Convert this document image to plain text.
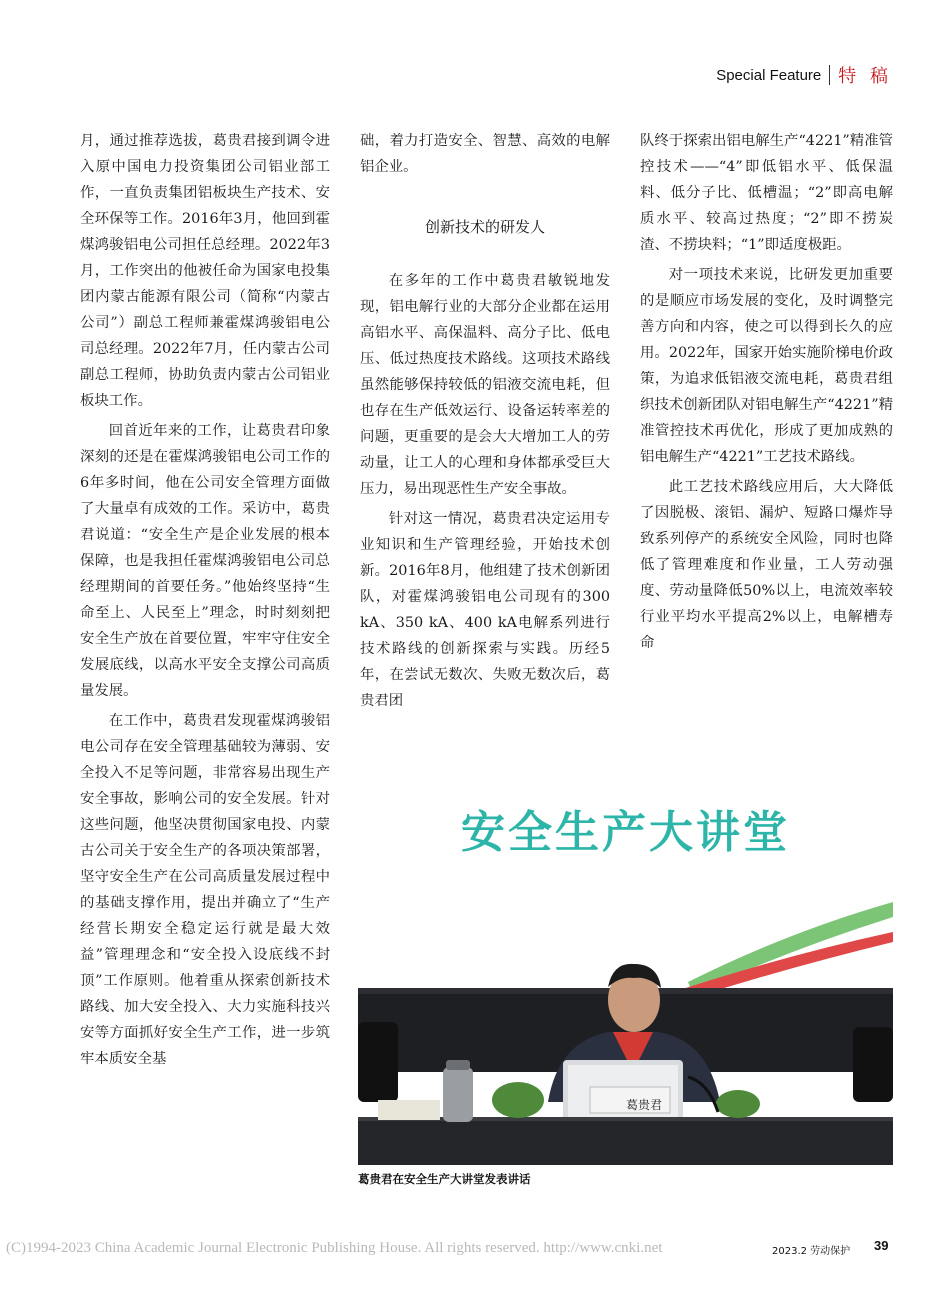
Special Feature 特 稿

月，通过推荐选拔，葛贵君接到调令进入原中国电力投资集团公司铝业部工作，一直负责集团铝板块生产技术、安全环保等工作。2016年3月，他回到霍煤鸿骏铝电公司担任总经理。2022年3月，工作突出的他被任命为国家电投集团内蒙古能源有限公司（简称“内蒙古公司”）副总工程师兼霍煤鸿骏铝电公司总经理。2022年7月，任内蒙古公司副总工程师，协助负责内蒙古公司铝业板块工作。

回首近年来的工作，让葛贵君印象深刻的还是在霍煤鸿骏铝电公司工作的6年多时间，他在公司安全管理方面做了大量卓有成效的工作。采访中，葛贵君说道：“安全生产是企业发展的根本保障，也是我担任霍煤鸿骏铝电公司总经理期间的首要任务。”他始终坚持“生命至上、人民至上”理念，时时刻刻把安全生产放在首要位置，牢牢守住安全发展底线，以高水平安全支撑公司高质量发展。

在工作中，葛贵君发现霍煤鸿骏铝电公司存在安全管理基础较为薄弱、安全投入不足等问题，非常容易出现生产安全事故，影响公司的安全发展。针对这些问题，他坚决贯彻国家电投、内蒙古公司关于安全生产的各项决策部署，坚守安全生产在公司高质量发展过程中的基础支撑作用，提出并确立了“生产经营长期安全稳定运行就是最大效益”管理理念和“安全投入设底线不封顶”工作原则。他着重从探索创新技术路线、加大安全投入、大力实施科技兴安等方面抓好安全生产工作，进一步筑牢本质安全基

础，着力打造安全、智慧、高效的电解铝企业。

创新技术的研发人

在多年的工作中葛贵君敏锐地发现，铝电解行业的大部分企业都在运用高铝水平、高保温料、高分子比、低电压、低过热度技术路线。这项技术路线虽然能够保持较低的铝液交流电耗，但也存在生产低效运行、设备运转率差的问题，更重要的是会大大增加工人的劳动量，让工人的心理和身体都承受巨大压力，易出现恶性生产安全事故。

针对这一情况，葛贵君决定运用专业知识和生产管理经验，开始技术创新。2016年8月，他组建了技术创新团队，对霍煤鸿骏铝电公司现有的300 kA、350 kA、400 kA电解系列进行技术路线的创新探索与实践。历经5年，在尝试无数次、失败无数次后，葛贵君团

队终于探索出铝电解生产“4221”精准管控技术——“4”即低铝水平、低保温料、低分子比、低槽温；“2”即高电解质水平、较高过热度；“2”即不捞炭渣、不捞块料；“1”即适度极距。

对一项技术来说，比研发更加重要的是顺应市场发展的变化，及时调整完善方向和内容，使之可以得到长久的应用。2022年，国家开始实施阶梯电价政策，为追求低铝液交流电耗，葛贵君组织技术创新团队对铝电解生产“4221”精准管控技术再优化，形成了更加成熟的铝电解生产“4221”工艺技术路线。

此工艺技术路线应用后，大大降低了因脱极、滚铝、漏炉、短路口爆炸导致系列停产的系统安全风险，同时也降低了管理难度和作业量，工人劳动强度、劳动量降低50%以上，电流效率较行业平均水平提高2%以上，电解槽寿命

安全生产大讲堂
葛贵君
葛贵君在安全生产大讲堂发表讲话
(C)1994-2023 China Academic Journal Electronic Publishing House. All rights reserved. http://www.cnki.net	2023.2 劳动保护 39
